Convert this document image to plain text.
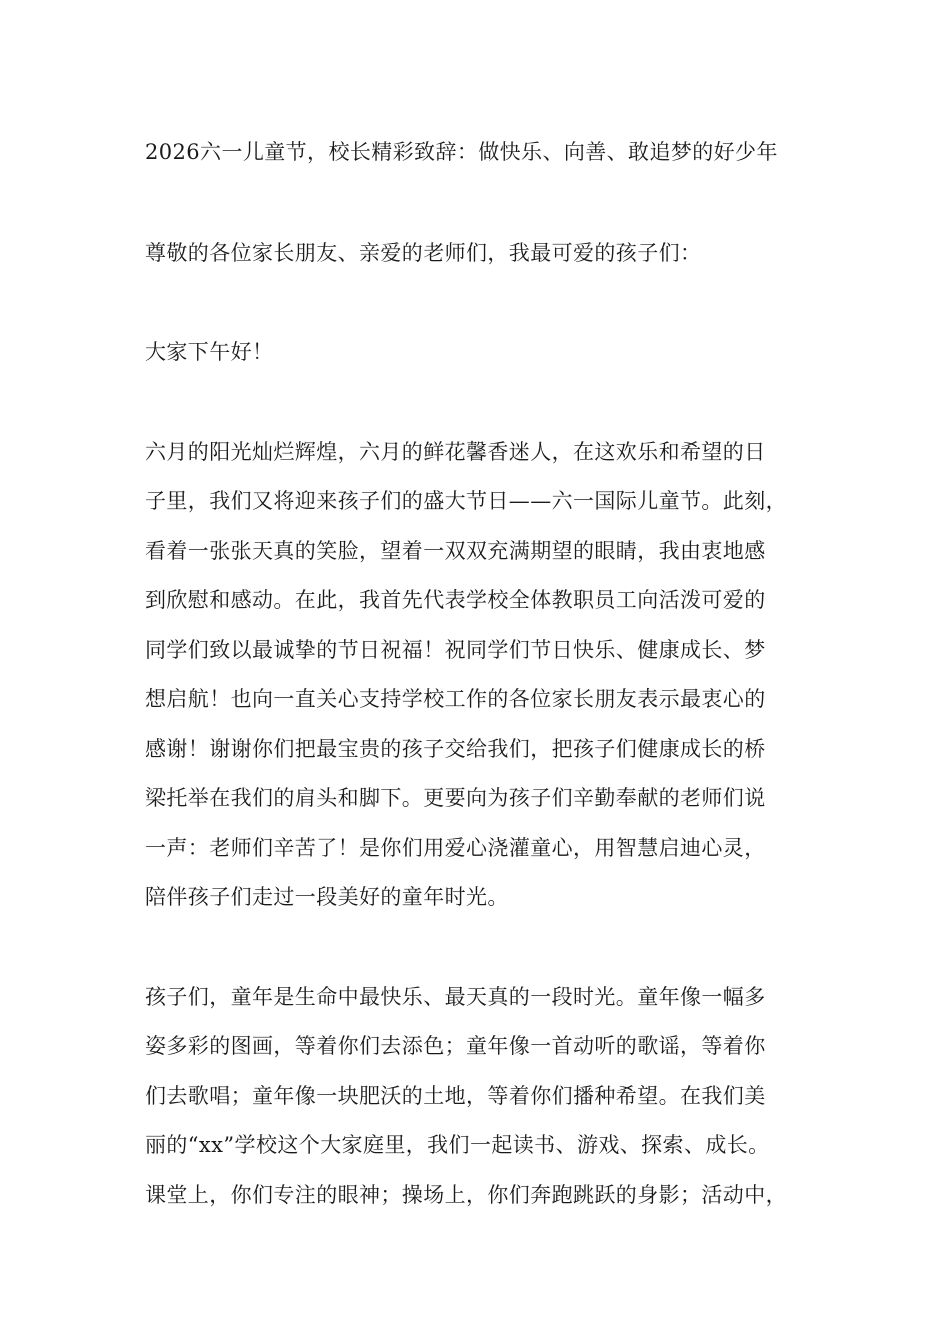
2026六一儿童节，校长精彩致辞：做快乐、向善、敢追梦的好少年
尊敬的各位家长朋友、亲爱的老师们，我最可爱的孩子们：
大家下午好！
六月的阳光灿烂辉煌，六月的鲜花馨香迷人，在这欢乐和希望的日
子里，我们又将迎来孩子们的盛大节日——六一国际儿童节。此刻，
看着一张张天真的笑脸，望着一双双充满期望的眼睛，我由衷地感
到欣慰和感动。在此，我首先代表学校全体教职员工向活泼可爱的
同学们致以最诚挚的节日祝福！祝同学们节日快乐、健康成长、梦
想启航！也向一直关心支持学校工作的各位家长朋友表示最衷心的
感谢！谢谢你们把最宝贵的孩子交给我们，把孩子们健康成长的桥
梁托举在我们的肩头和脚下。更要向为孩子们辛勤奉献的老师们说
一声：老师们辛苦了！是你们用爱心浇灌童心，用智慧启迪心灵，
陪伴孩子们走过一段美好的童年时光。
孩子们，童年是生命中最快乐、最天真的一段时光。童年像一幅多
姿多彩的图画，等着你们去添色；童年像一首动听的歌谣，等着你
们去歌唱；童年像一块肥沃的土地，等着你们播种希望。在我们美
丽的“xx”学校这个大家庭里，我们一起读书、游戏、探索、成长。
课堂上，你们专注的眼神；操场上，你们奔跑跳跃的身影；活动中，
